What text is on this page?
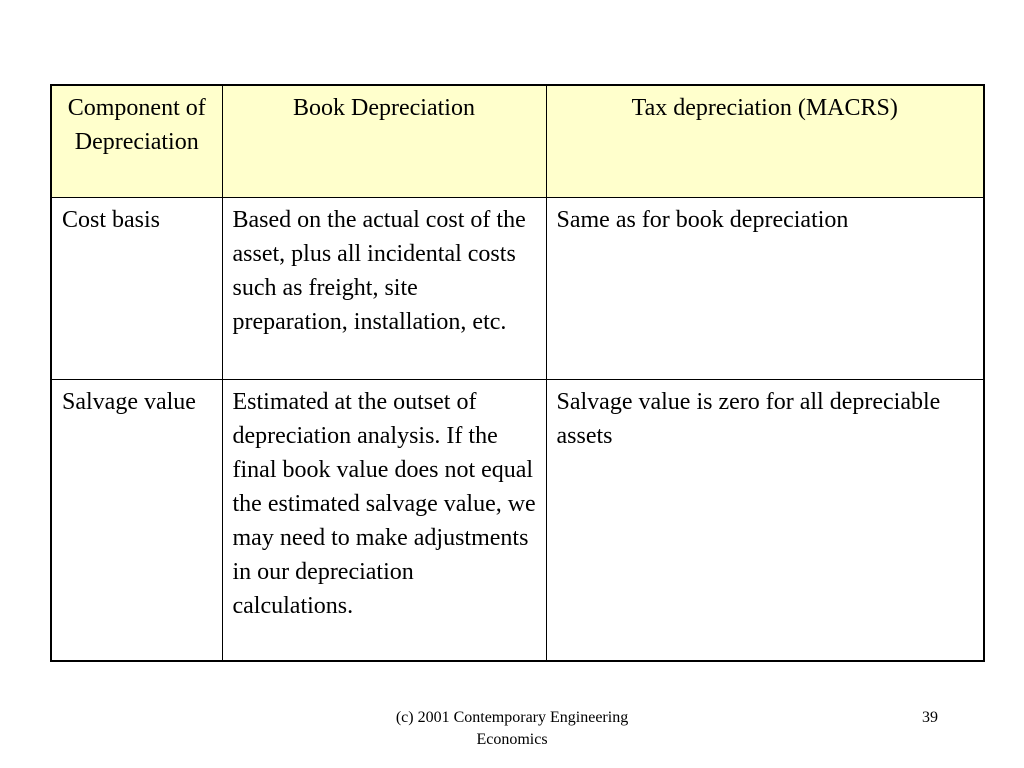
Component of Depreciation	Book Depreciation	Tax depreciation (MACRS)
Cost basis	Based on the actual cost of the asset, plus all incidental costs such as freight, site preparation, installation, etc.	Same as for book depreciation
Salvage value	Estimated at the outset of depreciation analysis. If the final book value does not equal the estimated salvage value, we may need to make adjustments in our depreciation calculations.	Salvage value is zero for all depreciable assets
(c) 2001 Contemporary Engineering Economics
39
